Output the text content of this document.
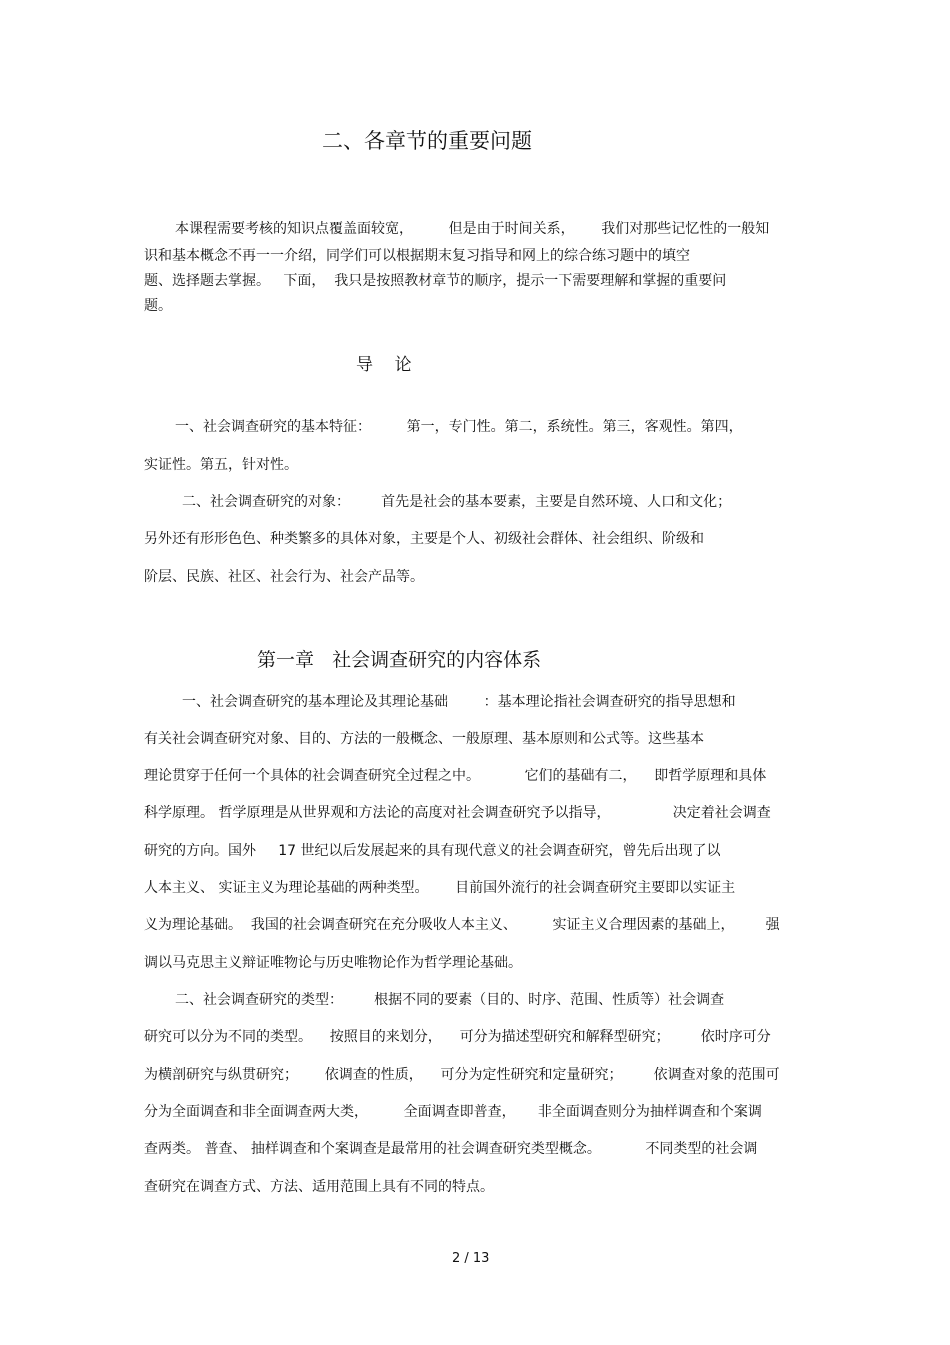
二、各章节的重要问题
本课程需要考核的知识点覆盖面较宽，        但是由于时间关系，      我们对那些记忆性的一般知
识和基本概念不再一一介绍，同学们可以根据期末复习指导和网上的综合练习题中的填空
题、选择题去掌握。   下面，  我只是按照教材章节的顺序，提示一下需要理解和掌握的重要问
题。
导    论
一、社会调查研究的基本特征：        第一，专门性。第二，系统性。第三，客观性。第四，
实证性。第五，针对性。
二、社会调查研究的对象：       首先是社会的基本要素，主要是自然环境、人口和文化；
另外还有形形色色、种类繁多的具体对象，主要是个人、初级社会群体、社会组织、阶级和
阶层、民族、社区、社会行为、社会产品等。
第一章   社会调查研究的内容体系
一、社会调查研究的基本理论及其理论基础        ：基本理论指社会调查研究的指导思想和
有关社会调查研究对象、目的、方法的一般概念、一般原理、基本原则和公式等。这些基本
理论贯穿于任何一个具体的社会调查研究全过程之中。          它们的基础有二，    即哲学原理和具体
科学原理。 哲学原理是从世界观和方法论的高度对社会调查研究予以指导，              决定着社会调查
研究的方向。国外     17 世纪以后发展起来的具有现代意义的社会调查研究，曾先后出现了以
人本主义、 实证主义为理论基础的两种类型。      目前国外流行的社会调查研究主要即以实证主
义为理论基础。  我国的社会调查研究在充分吸收人本主义、        实证主义合理因素的基础上，       强
调以马克思主义辩证唯物论与历史唯物论作为哲学理论基础。
二、社会调查研究的类型：       根据不同的要素（目的、时序、范围、性质等）社会调查
研究可以分为不同的类型。    按照目的来划分，    可分为描述型研究和解释型研究；       依时序可分
为横剖研究与纵贯研究；      依调查的性质，    可分为定性研究和定量研究；       依调查对象的范围可
分为全面调查和非全面调查两大类，        全面调查即普查，     非全面调查则分为抽样调查和个案调
查两类。 普查、 抽样调查和个案调查是最常用的社会调查研究类型概念。          不同类型的社会调
查研究在调查方式、方法、适用范围上具有不同的特点。
2 / 13
